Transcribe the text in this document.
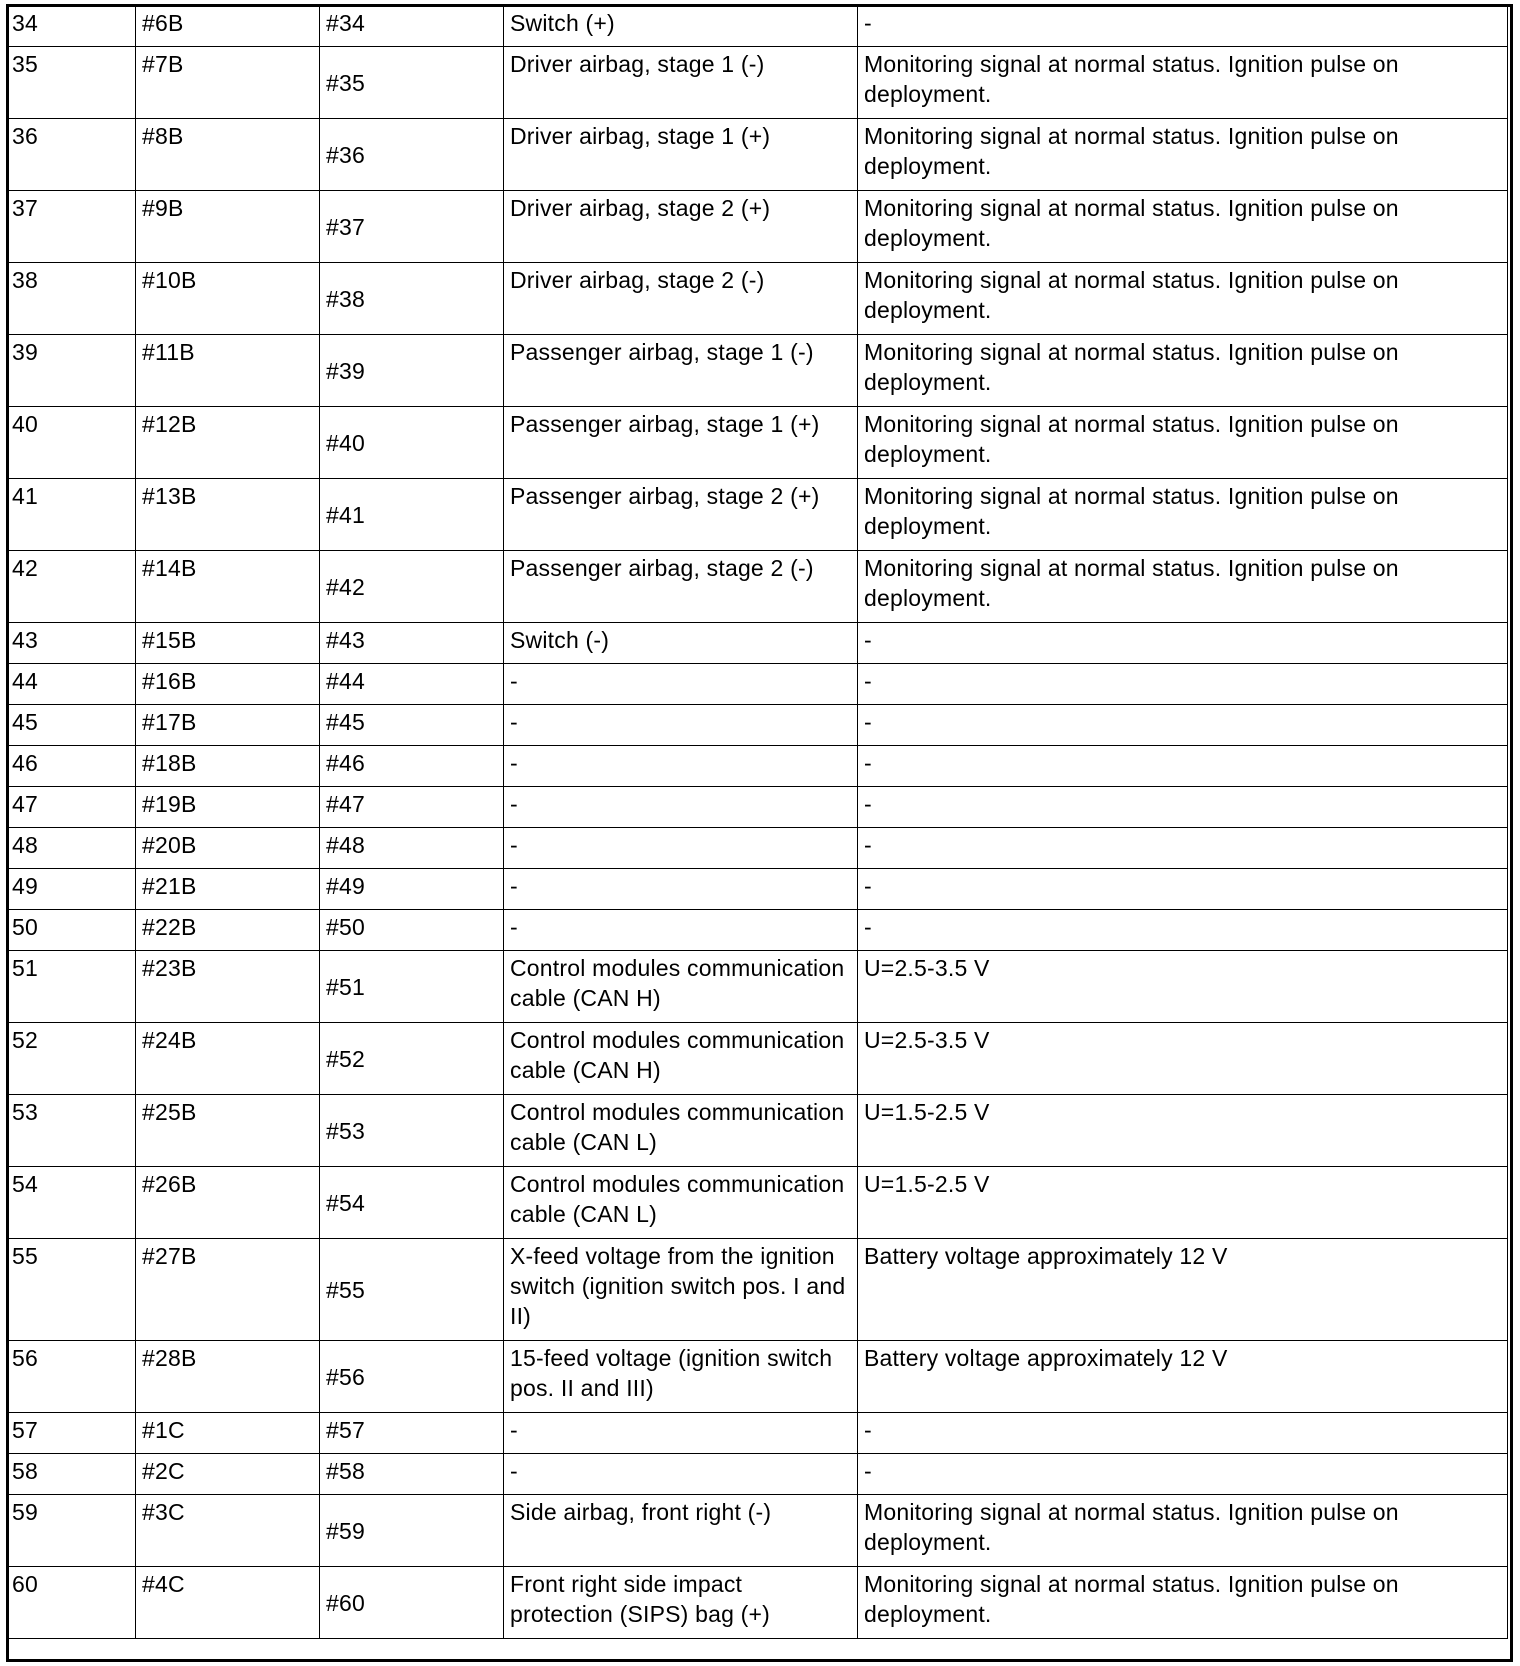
34	#6B	#34	Switch (+)	-
35	#7B	#35	Driver airbag, stage 1 (-)	Monitoring signal at normal status. Ignition pulse on deployment.
36	#8B	#36	Driver airbag, stage 1 (+)	Monitoring signal at normal status. Ignition pulse on deployment.
37	#9B	#37	Driver airbag, stage 2 (+)	Monitoring signal at normal status. Ignition pulse on deployment.
38	#10B	#38	Driver airbag, stage 2 (-)	Monitoring signal at normal status. Ignition pulse on deployment.
39	#11B	#39	Passenger airbag, stage 1 (-)	Monitoring signal at normal status. Ignition pulse on deployment.
40	#12B	#40	Passenger airbag, stage 1 (+)	Monitoring signal at normal status. Ignition pulse on deployment.
41	#13B	#41	Passenger airbag, stage 2 (+)	Monitoring signal at normal status. Ignition pulse on deployment.
42	#14B	#42	Passenger airbag, stage 2 (-)	Monitoring signal at normal status. Ignition pulse on deployment.
43	#15B	#43	Switch (-)	-
44	#16B	#44	-	-
45	#17B	#45	-	-
46	#18B	#46	-	-
47	#19B	#47	-	-
48	#20B	#48	-	-
49	#21B	#49	-	-
50	#22B	#50	-	-
51	#23B	#51	Control modules communication cable (CAN H)	U=2.5-3.5 V
52	#24B	#52	Control modules communication cable (CAN H)	U=2.5-3.5 V
53	#25B	#53	Control modules communication cable (CAN L)	U=1.5-2.5 V
54	#26B	#54	Control modules communication cable (CAN L)	U=1.5-2.5 V
55	#27B	#55	X-feed voltage from the ignition switch (ignition switch pos. I and II)	Battery voltage approximately 12 V
56	#28B	#56	15-feed voltage (ignition switch pos. II and III)	Battery voltage approximately 12 V
57	#1C	#57	-	-
58	#2C	#58	-	-
59	#3C	#59	Side airbag, front right (-)	Monitoring signal at normal status. Ignition pulse on deployment.
60	#4C	#60	Front right side impact protection (SIPS) bag (+)	Monitoring signal at normal status. Ignition pulse on deployment.
